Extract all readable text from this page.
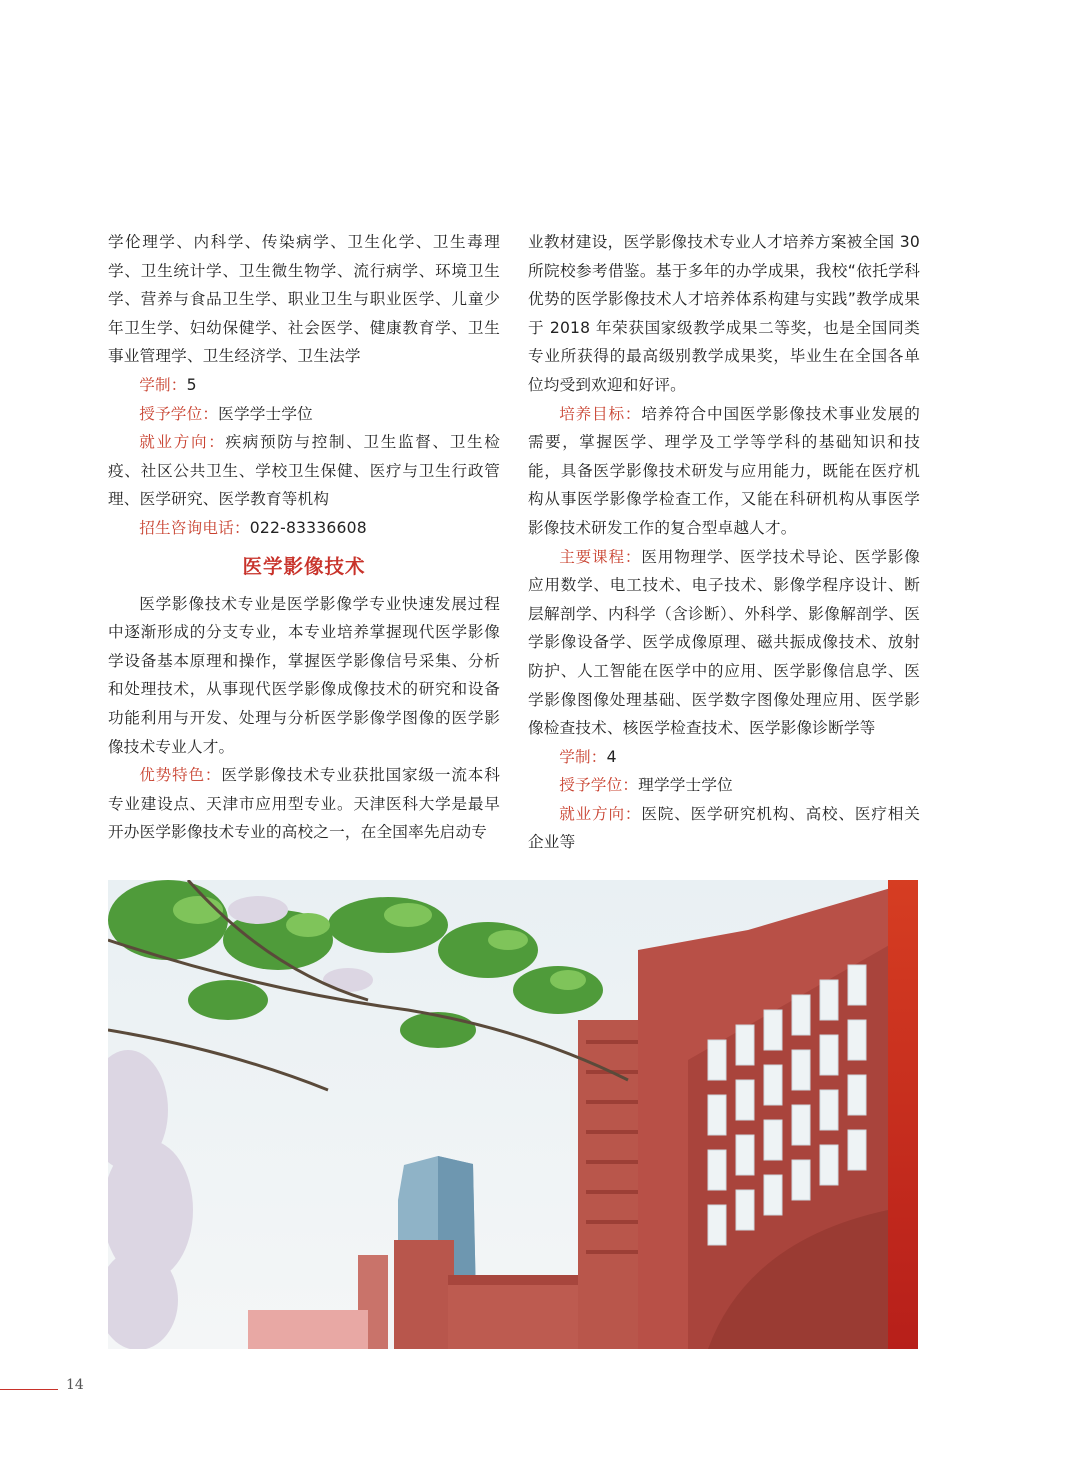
学伦理学、内科学、传染病学、卫生化学、卫生毒理学、卫生统计学、卫生微生物学、流行病学、环境卫生学、营养与食品卫生学、职业卫生与职业医学、儿童少年卫生学、妇幼保健学、社会医学、健康教育学、卫生事业管理学、卫生经济学、卫生法学

学制：5

授予学位：医学学士学位

就业方向：疾病预防与控制、卫生监督、卫生检疫、社区公共卫生、学校卫生保健、医疗与卫生行政管理、医学研究、医学教育等机构

招生咨询电话：022-83336608

医学影像技术

医学影像技术专业是医学影像学专业快速发展过程中逐渐形成的分支专业，本专业培养掌握现代医学影像学设备基本原理和操作，掌握医学影像信号采集、分析和处理技术，从事现代医学影像成像技术的研究和设备功能利用与开发、处理与分析医学影像学图像的医学影像技术专业人才。

优势特色：医学影像技术专业获批国家级一流本科专业建设点、天津市应用型专业。天津医科大学是最早开办医学影像技术专业的高校之一，在全国率先启动专

业教材建设，医学影像技术专业人才培养方案被全国 30 所院校参考借鉴。基于多年的办学成果，我校“依托学科优势的医学影像技术人才培养体系构建与实践”教学成果于 2018 年荣获国家级教学成果二等奖，也是全国同类专业所获得的最高级别教学成果奖，毕业生在全国各单位均受到欢迎和好评。

培养目标：培养符合中国医学影像技术事业发展的需要，掌握医学、理学及工学等学科的基础知识和技能，具备医学影像技术研发与应用能力，既能在医疗机构从事医学影像学检查工作，又能在科研机构从事医学影像技术研发工作的复合型卓越人才。

主要课程：医用物理学、医学技术导论、医学影像应用数学、电工技术、电子技术、影像学程序设计、断层解剖学、内科学（含诊断）、外科学、影像解剖学、医学影像设备学、医学成像原理、磁共振成像技术、放射防护、人工智能在医学中的应用、医学影像信息学、医学影像图像处理基础、医学数字图像处理应用、医学影像检查技术、核医学检查技术、医学影像诊断学等

学制：4

授予学位：理学学士学位

就业方向：医院、医学研究机构、高校、医疗相关企业等

14
